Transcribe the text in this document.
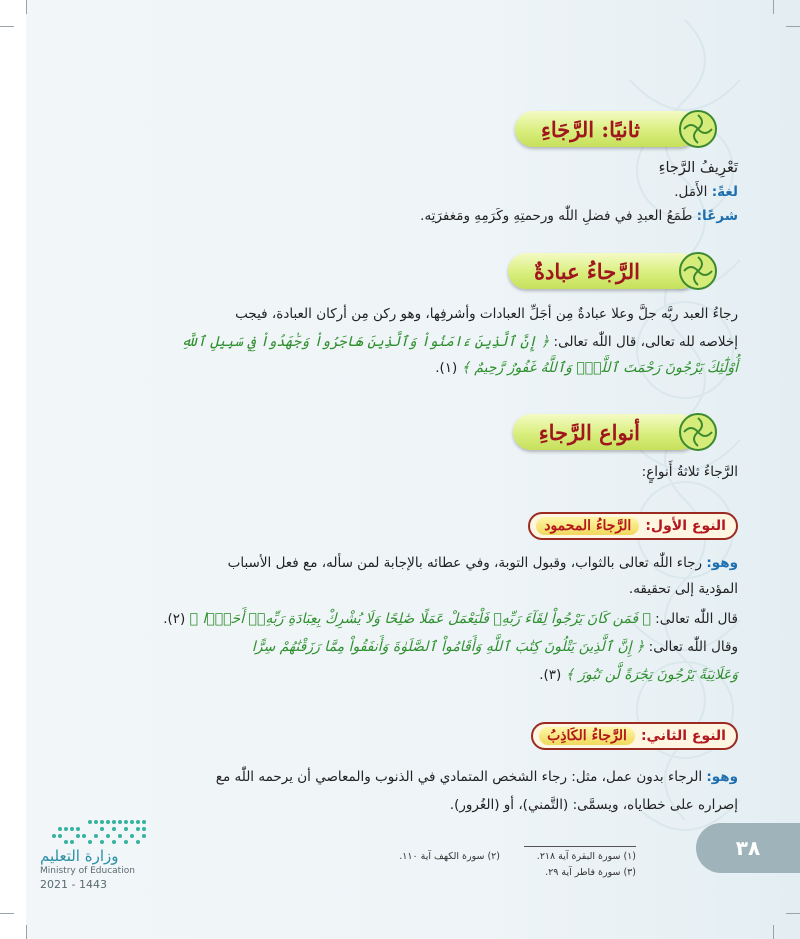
ثانيًا: الرَّجَاءِ
تَعْرِيفُ الرَّجاءِ
لغةً: الأَمَل.
شرعًا: طَمَعُ العبدِ في فضلِ اللّٰه ورحمتِهِ وكَرَمِهِ ومَغفرَتِه.
الرَّجاءُ عبادةٌ
رجاءُ العبد ربَّه جلَّ وعلا عبادةٌ مِن أجَلِّ العبادات وأشرفِها، وهو ركن مِن أركان العبادة، فيجب
إخلاصه لله تعالى، قال اللّٰه تعالى: ﴿ إِنَّ ٱلَّذِينَ ءَامَنُواْ وَٱلَّذِينَ هَاجَرُواْ وَجَٰهَدُواْ فِي سَبِيلِ ٱللَّهِ
أُوْلَٰٓئِكَ يَرْجُونَ رَحْمَتَ ٱللَّهِۚ وَٱللَّهُ غَفُورٌ رَّحِيمٌ ﴾ (١).
أنواع الرَّجاءِ
الرَّجاءُ ثلاثةُ أَنواعٍ:
النوع الأول:
الرَّجاءُ المحمود
وهو: رجاء اللّٰه تعالى بالثواب، وقبول التوبة، وفي عطائه بالإجابة لمن سأله، مع فعل الأسباب
المؤدية إلى تحقيقه.
قال اللّٰه تعالى: ﴿ فَمَن كَانَ يَرْجُواْ لِقَآءَ رَبِّهِۦ فَلْيَعْمَلْ عَمَلًا صَٰلِحًا وَلَا يُشْرِكْ بِعِبَادَةِ رَبِّهِۦٓ أَحَدًۢا ﴾ (٢).
وقال اللّٰه تعالى: ﴿ إِنَّ ٱلَّذِينَ يَتْلُونَ كِتَٰبَ ٱللَّهِ وَأَقَامُواْ ٱلصَّلَوٰةَ وَأَنفَقُواْ مِمَّا رَزَقْنَٰهُمْ سِرًّا
وَعَلَانِيَةً يَرْجُونَ تِجَٰرَةً لَّن تَبُورَ ﴾ (٣).
النوع الثاني:
الرَّجاءُ الكَاذِبُ
وهو: الرجاء بدون عمل، مثل: رجاء الشخص المتمادي في الذنوب والمعاصي أن يرحمه اللّٰه مع
إصراره على خطاياه، ويسمَّى: (التَّمني)، أو (الغُرور).
٣٨
(١) سورة البقرة آية ٢١٨.
(٢) سورة الكهف آية ١١٠.
(٣) سورة فاطر آية ٢٩.
وزارة التعليم
Ministry of Education
2021 - 1443
